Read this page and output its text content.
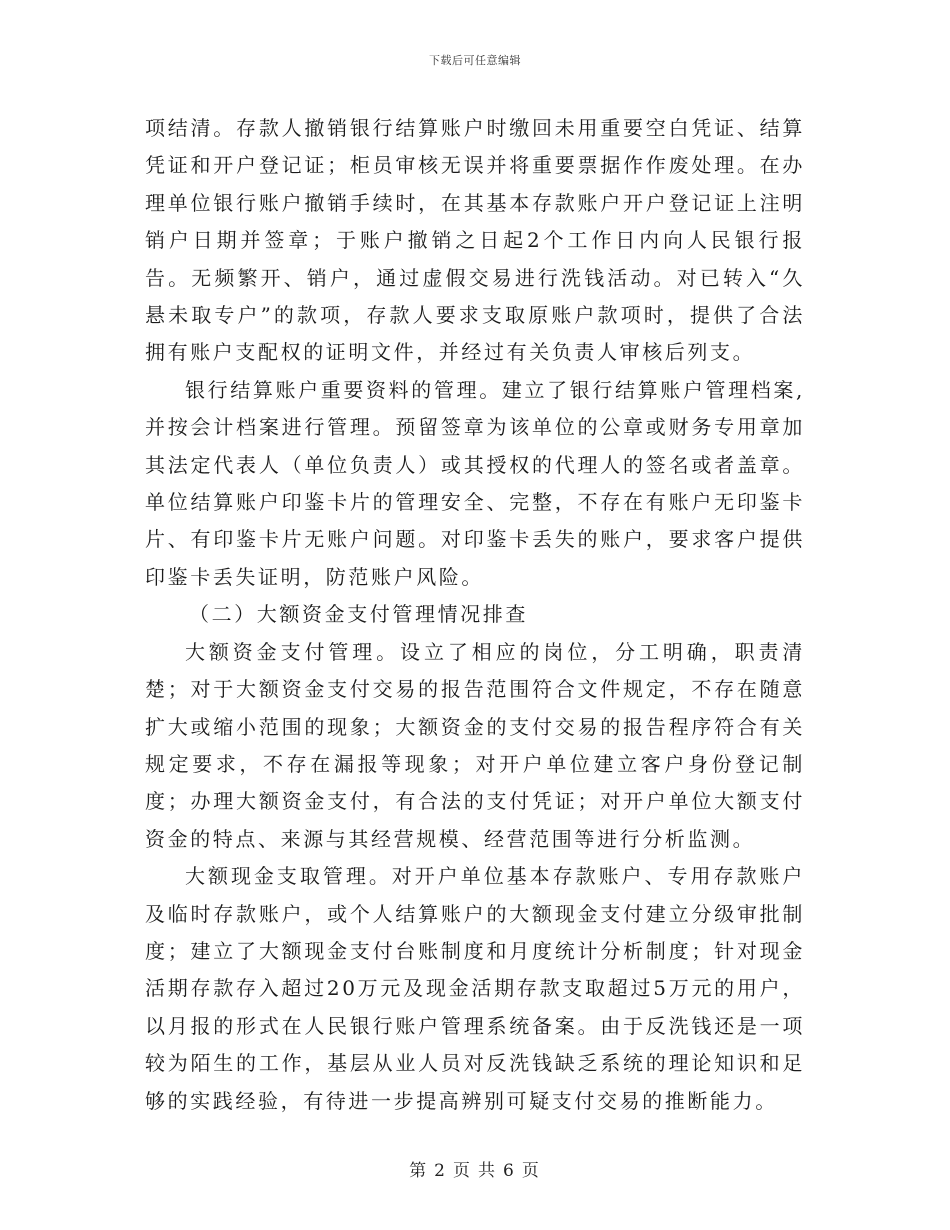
下载后可任意编辑

项结清。存款人撤销银行结算账户时缴回未用重要空白凭证、结算凭证和开户登记证；柜员审核无误并将重要票据作作废处理。在办理单位银行账户撤销手续时，在其基本存款账户开户登记证上注明销户日期并签章；于账户撤销之日起2个工作日内向人民银行报告。无频繁开、销户，通过虚假交易进行洗钱活动。对已转入“久悬未取专户”的款项，存款人要求支取原账户款项时，提供了合法拥有账户支配权的证明文件，并经过有关负责人审核后列支。

银行结算账户重要资料的管理。建立了银行结算账户管理档案,并按会计档案进行管理。预留签章为该单位的公章或财务专用章加其法定代表人（单位负责人）或其授权的代理人的签名或者盖章。单位结算账户印鉴卡片的管理安全、完整，不存在有账户无印鉴卡片、有印鉴卡片无账户问题。对印鉴卡丢失的账户，要求客户提供印鉴卡丢失证明，防范账户风险。

（二）大额资金支付管理情况排查

大额资金支付管理。设立了相应的岗位，分工明确，职责清楚；对于大额资金支付交易的报告范围符合文件规定，不存在随意扩大或缩小范围的现象；大额资金的支付交易的报告程序符合有关规定要求，不存在漏报等现象；对开户单位建立客户身份登记制度；办理大额资金支付，有合法的支付凭证；对开户单位大额支付资金的特点、来源与其经营规模、经营范围等进行分析监测。

大额现金支取管理。对开户单位基本存款账户、专用存款账户及临时存款账户，或个人结算账户的大额现金支付建立分级审批制度；建立了大额现金支付台账制度和月度统计分析制度；针对现金活期存款存入超过20万元及现金活期存款支取超过5万元的用户，以月报的形式在人民银行账户管理系统备案。由于反洗钱还是一项较为陌生的工作，基层从业人员对反洗钱缺乏系统的理论知识和足够的实践经验，有待进一步提高辨别可疑支付交易的推断能力。

第 2 页 共 6 页
